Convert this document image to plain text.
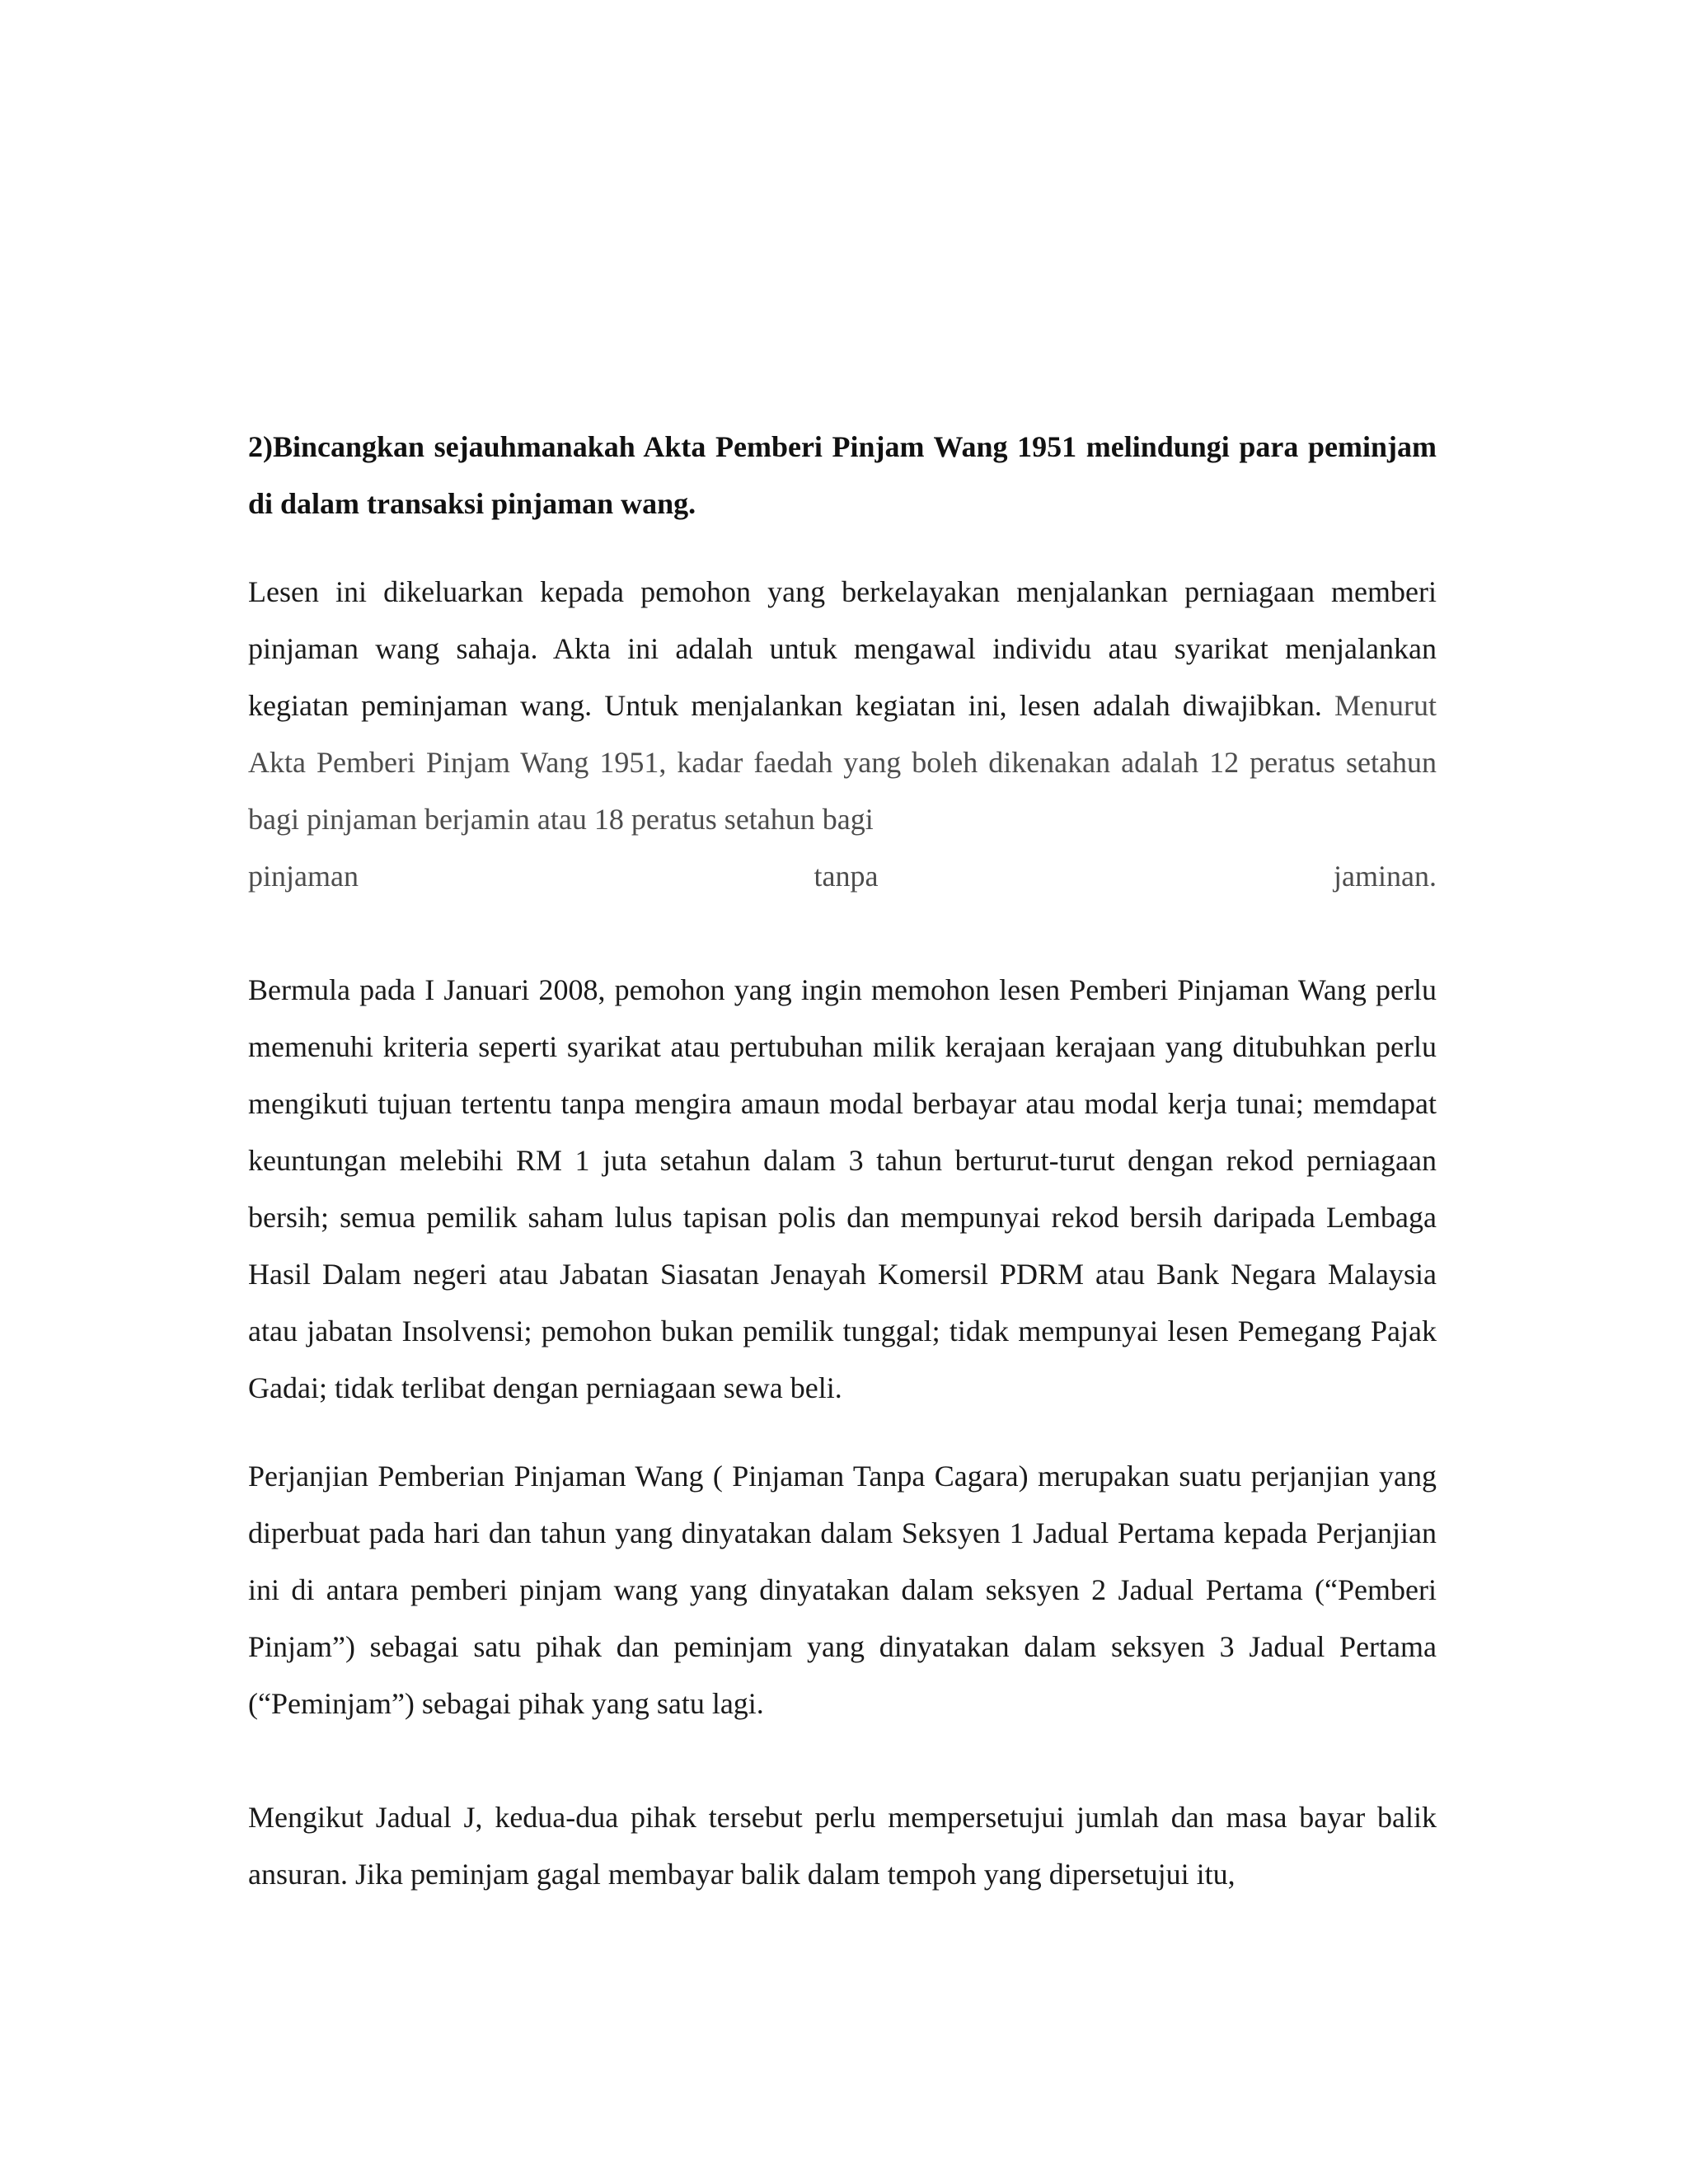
2)Bincangkan sejauhmanakah Akta Pemberi Pinjam Wang 1951 melindungi para peminjam di dalam transaksi pinjaman wang.

Lesen ini dikeluarkan kepada pemohon yang berkelayakan menjalankan perniagaan memberi pinjaman wang sahaja. Akta ini adalah untuk mengawal individu atau syarikat menjalankan kegiatan peminjaman wang. Untuk menjalankan kegiatan ini, lesen adalah diwajibkan. Menurut Akta Pemberi Pinjam Wang 1951, kadar faedah yang boleh dikenakan adalah 12 peratus setahun bagi pinjaman berjamin atau 18 peratus setahun bagi
pinjaman tanpa jaminan.

Bermula pada I Januari 2008, pemohon yang ingin memohon lesen Pemberi Pinjaman Wang perlu memenuhi kriteria seperti syarikat atau pertubuhan milik kerajaan kerajaan yang ditubuhkan perlu mengikuti tujuan tertentu tanpa mengira amaun modal berbayar atau modal kerja tunai; memdapat keuntungan melebihi RM 1 juta setahun dalam 3 tahun berturut-turut dengan rekod perniagaan bersih; semua pemilik saham lulus tapisan polis dan mempunyai rekod bersih daripada Lembaga Hasil Dalam negeri atau Jabatan Siasatan Jenayah Komersil PDRM atau Bank Negara Malaysia atau jabatan Insolvensi; pemohon bukan pemilik tunggal; tidak mempunyai lesen Pemegang Pajak Gadai; tidak terlibat dengan perniagaan sewa beli.

Perjanjian Pemberian Pinjaman Wang ( Pinjaman Tanpa Cagara) merupakan suatu perjanjian yang diperbuat pada hari dan tahun yang dinyatakan dalam Seksyen 1 Jadual Pertama kepada Perjanjian ini di antara pemberi pinjam wang yang dinyatakan dalam seksyen 2 Jadual Pertama (“Pemberi Pinjam”) sebagai satu pihak dan peminjam yang dinyatakan dalam seksyen 3 Jadual Pertama (“Peminjam”) sebagai pihak yang satu lagi.

Mengikut Jadual J, kedua-dua pihak tersebut perlu mempersetujui jumlah dan masa bayar balik ansuran. Jika peminjam gagal membayar balik dalam tempoh yang dipersetujui itu,
